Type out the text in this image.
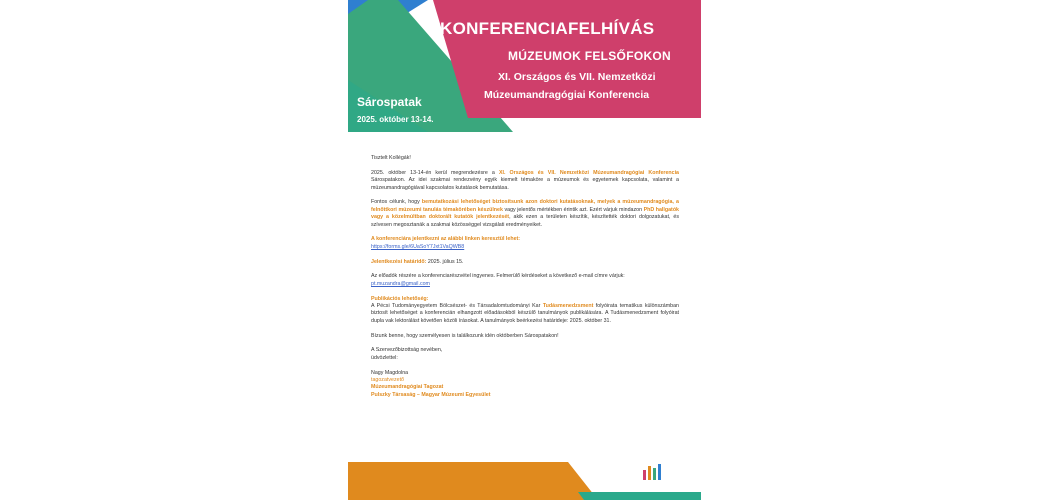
KONFERENCIAFELHÍVÁS
MÚZEUMOK FELSŐFOKON
XI. Országos és VII. Nemzetközi
Múzeumandragógiai Konferencia
Sárospatak
2025. október 13-14.

Tisztelt Kollégák!

2025. október 13-14-én kerül megrendezésre a XI. Országos és VII. Nemzetközi Múzeumandragógiai Konferencia Sárospatakon. Az idei szakmai rendezvény egyik kiemelt témaköre a múzeumok és egyetemek kapcsolata, valamint a múzeumandragógiával kapcsolatos kutatások bemutatása.

Fontos célunk, hogy bemutatkozási lehetőséget biztosítsunk azon doktori kutatásoknak, melyek a múzeumandragógia, a felnőttkori múzeumi tanulás témakörében készülnek vagy jelentős mértékben érintik azt. Ezért várjuk mindazon PhD hallgatók vagy a közelmúltban doktorált kutatók jelentkezését, akik ezen a területen készítik, készítették doktori dolgozatukat, és szívesen megosztanák a szakmai közösséggel vizsgálati eredményeiket.

A konferenciára jelentkezni az alábbi linken keresztül lehet:
https://forms.gle/6UaSoY7Jxt1VaQWB8

Jelentkezési határidő: 2025. július 15.

Az előadók részére a konferenciarészvétel ingyenes. Felmerülő kérdéseket a következő e-mail címre várjuk:
pt.muzandra@gmail.com

Publikációs lehetőség:
A Pécsi Tudományegyetem Bölcsészet- és Társadalomtudományi Kar Tudásmenedzsment folyóirata tematikus különszámban biztosít lehetőséget a konferencián elhangzott előadásokból készülő tanulmányok publikálására. A Tudásmenedzsment folyóirat dupla vak lektorálást követően közöli írásokat. A tanulmányok beérkezési határideje: 2025. október 31.

Bízunk benne, hogy személyesen is találkozunk idén októberben Sárospatakon!

A Szervezőbizottság nevében,
üdvözlettel:

Nagy Magdolna
tagozatvezető
Múzeumandragógiai Tagozat
Pulszky Társaság – Magyar Múzeumi Egyesület
